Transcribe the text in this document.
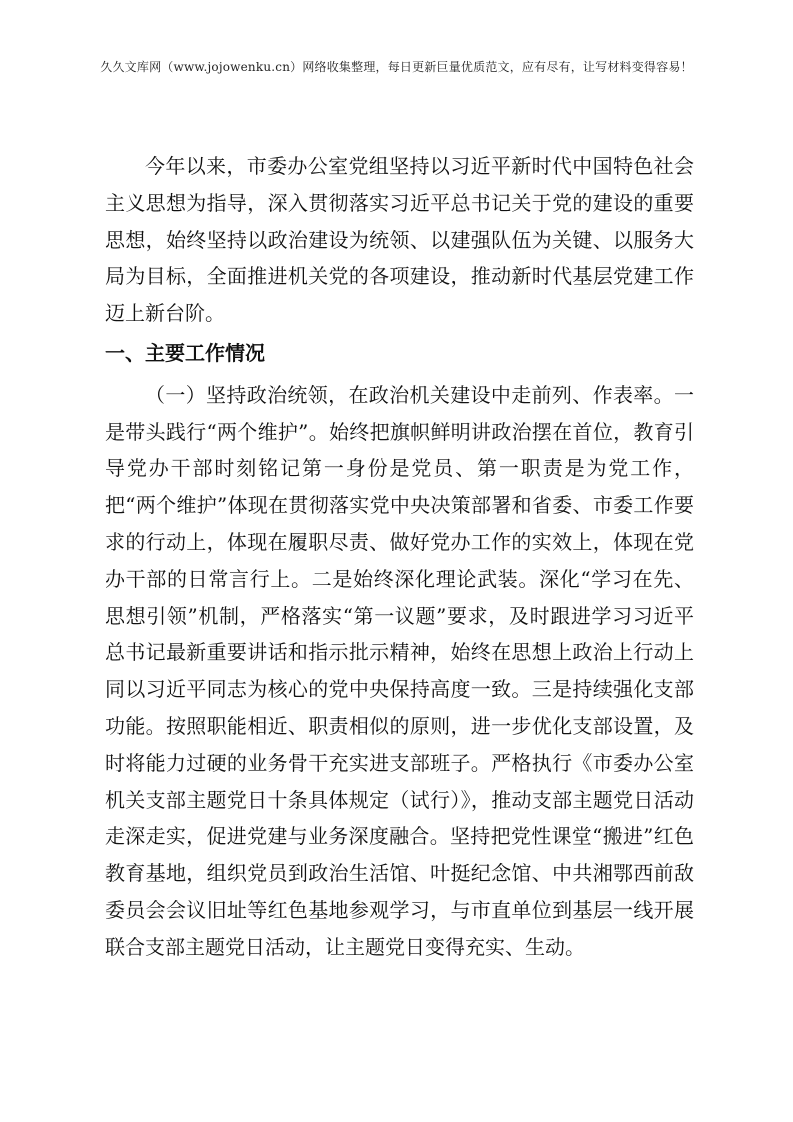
久久文库网（www.jojowenku.cn）网络收集整理，每日更新巨量优质范文，应有尽有，让写材料变得容易！

今年以来，市委办公室党组坚持以习近平新时代中国特色社会主义思想为指导，深入贯彻落实习近平总书记关于党的建设的重要思想，始终坚持以政治建设为统领、以建强队伍为关键、以服务大局为目标，全面推进机关党的各项建设，推动新时代基层党建工作迈上新台阶。

一、主要工作情况

（一）坚持政治统领，在政治机关建设中走前列、作表率。一是带头践行“两个维护”。始终把旗帜鲜明讲政治摆在首位，教育引导党办干部时刻铭记第一身份是党员、第一职责是为党工作，把“两个维护”体现在贯彻落实党中央决策部署和省委、市委工作要求的行动上，体现在履职尽责、做好党办工作的实效上，体现在党办干部的日常言行上。二是始终深化理论武装。深化“学习在先、思想引领”机制，严格落实“第一议题”要求，及时跟进学习习近平总书记最新重要讲话和指示批示精神，始终在思想上政治上行动上同以习近平同志为核心的党中央保持高度一致。三是持续强化支部功能。按照职能相近、职责相似的原则，进一步优化支部设置，及时将能力过硬的业务骨干充实进支部班子。严格执行《市委办公室机关支部主题党日十条具体规定（试行）》，推动支部主题党日活动走深走实，促进党建与业务深度融合。坚持把党性课堂“搬进”红色教育基地，组织党员到政治生活馆、叶挺纪念馆、中共湘鄂西前敌委员会会议旧址等红色基地参观学习，与市直单位到基层一线开展联合支部主题党日活动，让主题党日变得充实、生动。
